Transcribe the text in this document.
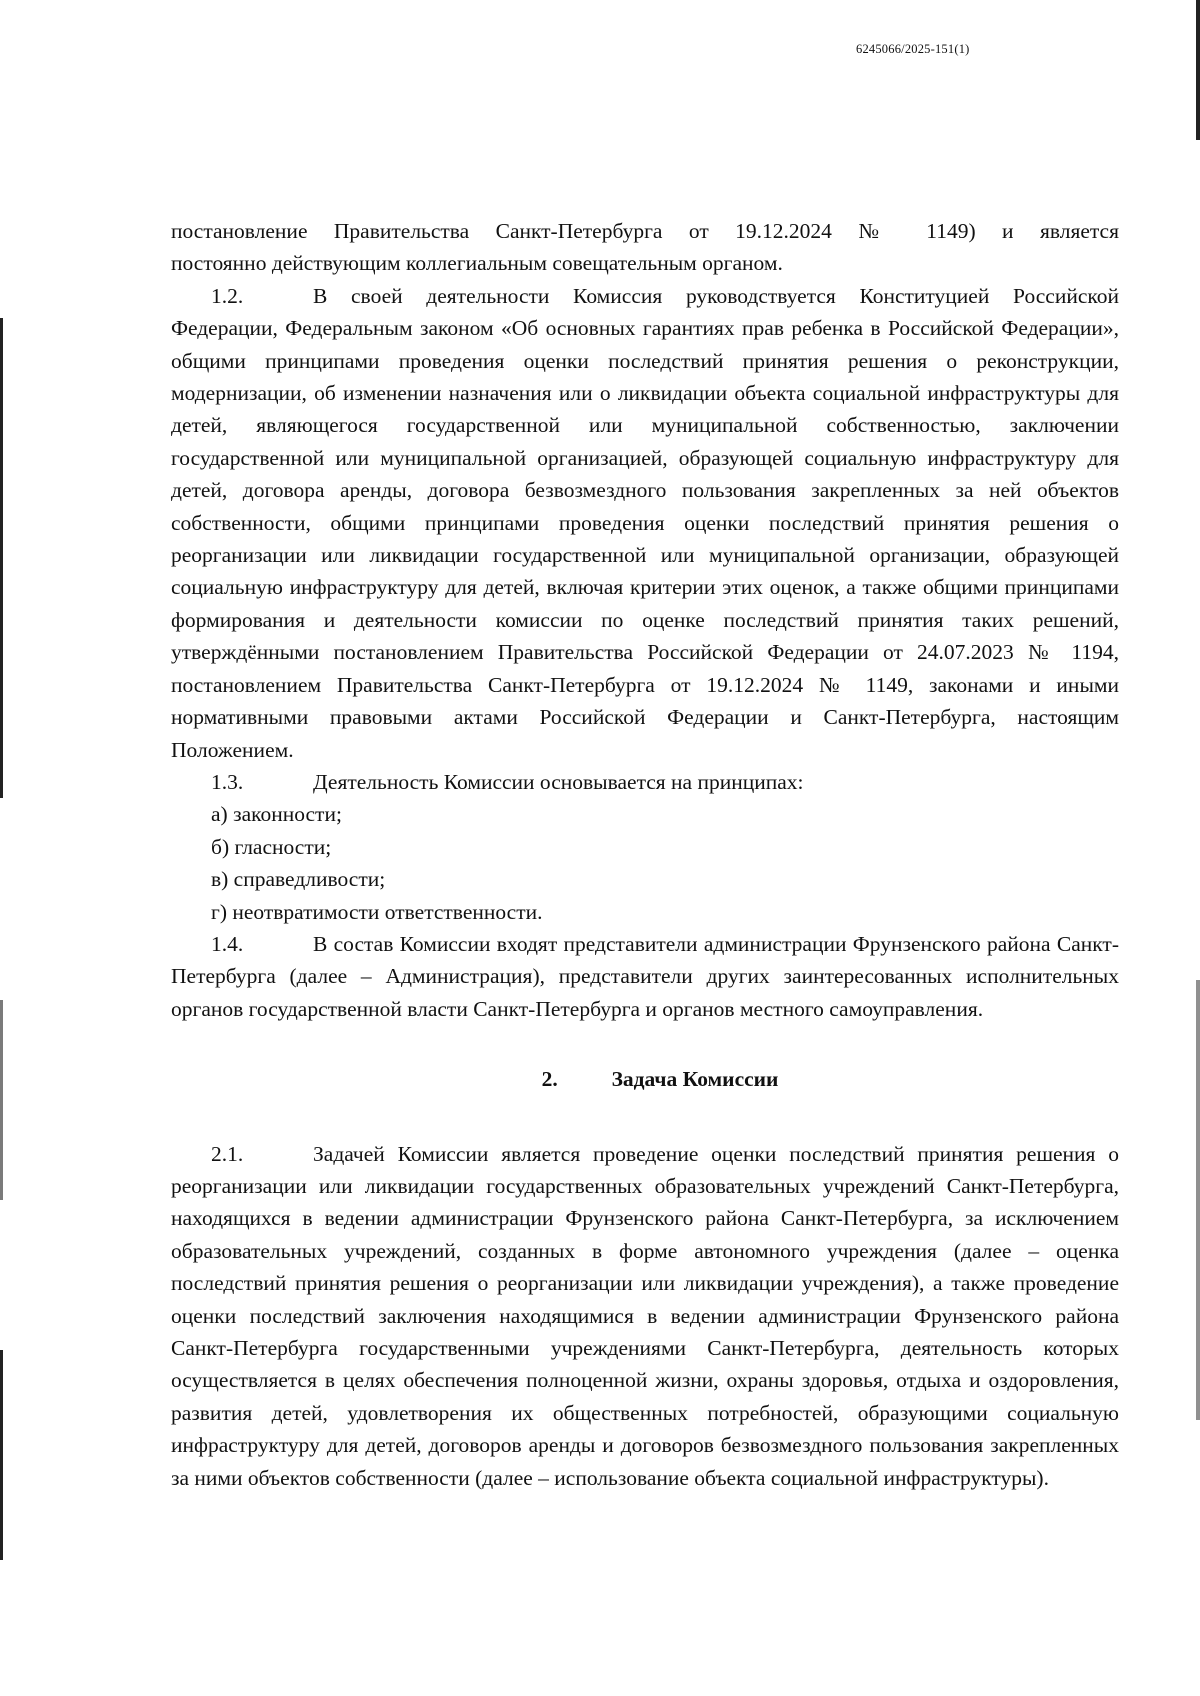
6245066/2025-151(1)

постановление Правительства Санкт-Петербурга от 19.12.2024 № 1149) и является

постоянно действующим коллегиальным совещательным органом.

1.2.	В своей деятельности Комиссия руководствуется Конституцией Российской Федерации, Федеральным законом «Об основных гарантиях прав ребенка в Российской Федерации», общими принципами проведения оценки последствий принятия решения о реконструкции, модернизации, об изменении назначения или о ликвидации объекта социальной инфраструктуры для детей, являющегося государственной или муниципальной собственностью, заключении государственной или муниципальной организацией, образующей социальную инфраструктуру для детей, договора аренды, договора безвозмездного пользования закрепленных за ней объектов собственности, общими принципами проведения оценки последствий принятия решения о реорганизации или ликвидации государственной или муниципальной организации, образующей социальную инфраструктуру для детей, включая критерии этих оценок, а также общими принципами формирования и деятельности комиссии по оценке последствий принятия таких решений, утверждёнными постановлением Правительства Российской Федерации от 24.07.2023 № 1194, постановлением Правительства Санкт-Петербурга от 19.12.2024 № 1149, законами и иными нормативными правовыми актами Российской Федерации и Санкт-Петербурга, настоящим Положением.

1.3.	Деятельность Комиссии основывается на принципах:

а) законности;

б) гласности;

в) справедливости;

г) неотвратимости ответственности.

1.4.	В состав Комиссии входят представители администрации Фрунзенского района Санкт-Петербурга (далее – Администрация), представители других заинтересованных исполнительных органов государственной власти Санкт-Петербурга и органов местного самоуправления.

2.	Задача Комиссии

2.1.	Задачей Комиссии является проведение оценки последствий принятия решения о реорганизации или ликвидации государственных образовательных учреждений Санкт-Петербурга, находящихся в ведении администрации Фрунзенского района Санкт-Петербурга, за исключением образовательных учреждений, созданных в форме автономного учреждения (далее – оценка последствий принятия решения о реорганизации или ликвидации учреждения), а также проведение оценки последствий заключения находящимися в ведении администрации Фрунзенского района Санкт-Петербурга государственными учреждениями Санкт-Петербурга, деятельность которых осуществляется в целях обеспечения полноценной жизни, охраны здоровья, отдыха и оздоровления, развития детей, удовлетворения их общественных потребностей, образующими социальную инфраструктуру для детей, договоров аренды и договоров безвозмездного пользования закрепленных за ними объектов собственности (далее – использование объекта социальной инфраструктуры).
